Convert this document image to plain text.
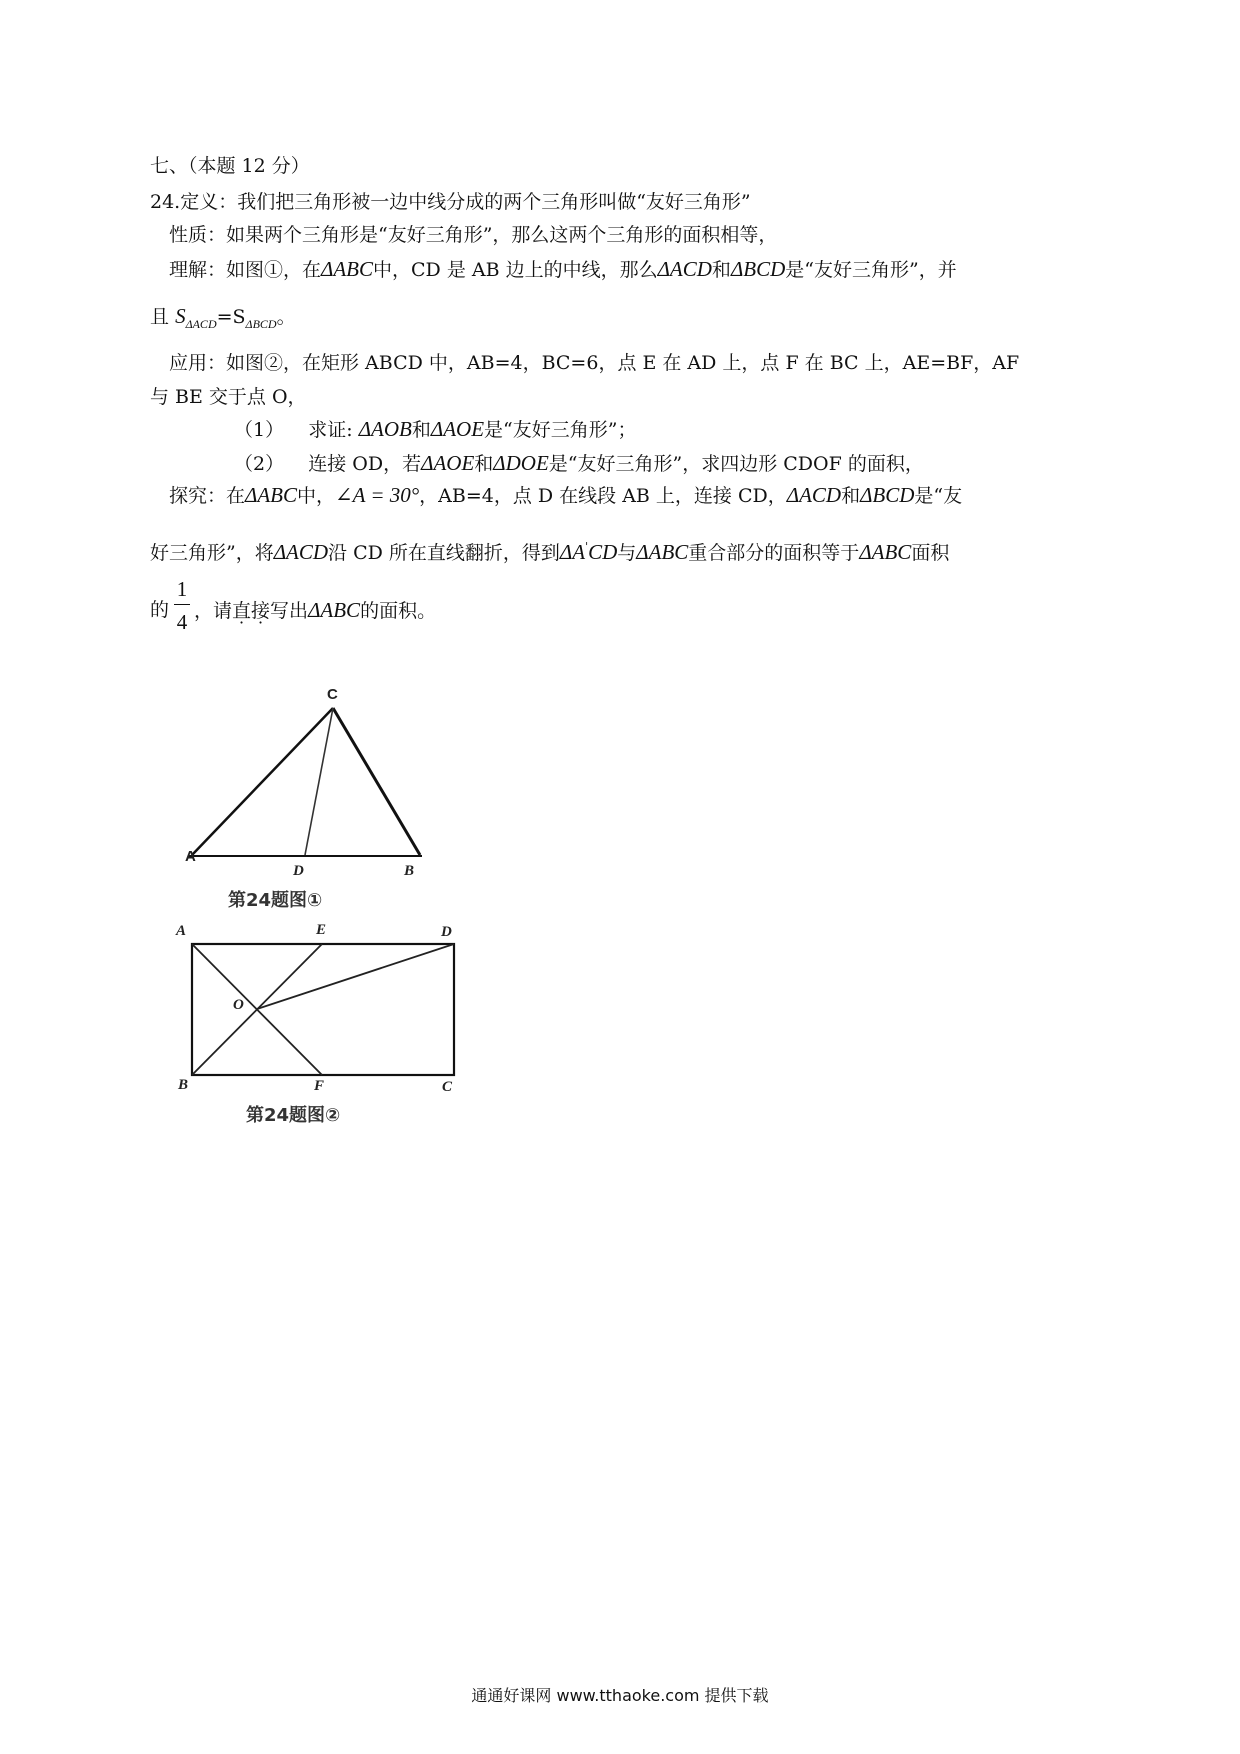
七、（本题 12 分）
24.定义：我们把三角形被一边中线分成的两个三角形叫做“友好三角形”
性质：如果两个三角形是“友好三角形”，那么这两个三角形的面积相等，
理解：如图①，在ΔABC中，CD 是 AB 边上的中线，那么ΔACD和ΔBCD是“友好三角形”，并
且 $S_{\Delta ACD}=S_{\Delta BCD}$。
应用：如图②，在矩形 ABCD 中，AB=4，BC=6，点 E 在 AD 上，点 F 在 BC 上，AE=BF，AF
与 BE 交于点 O，
（1） 求证: ΔAOB和ΔAOE是“友好三角形”；
（2） 连接 OD，若ΔAOE和ΔDOE是“友好三角形”，求四边形 CDOF 的面积，
探究：在ΔABC中，∠A = 30°，AB=4，点 D 在线段 AB 上，连接 CD，ΔACD和ΔBCD是“友
好三角形”，将ΔACD沿 CD 所在直线翻折，得到ΔA'CD与ΔABC重合部分的面积等于ΔABC面积
的
1
4 ，请直接写出ΔABC的面积。
C
A
D	B
第24题图①
A	E	D
O
B	F	C
第24题图②
通通好课网 www.tthaoke.com 提供下载
